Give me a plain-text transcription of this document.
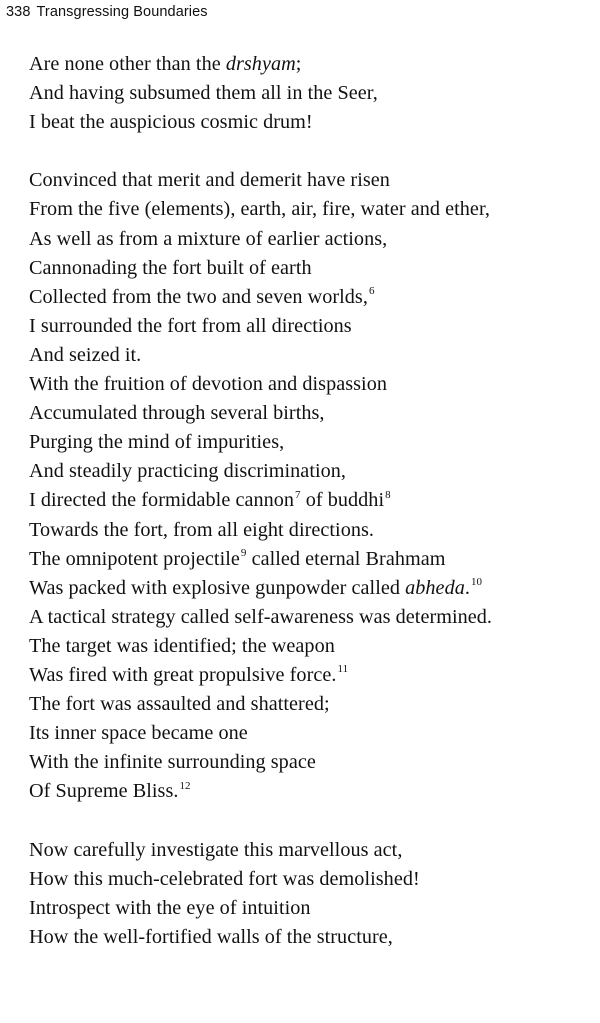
338 Transgressing Boundaries
Are none other than the drshyam;
And having subsumed them all in the Seer,
I beat the auspicious cosmic drum!
Convinced that merit and demerit have risen
From the five (elements), earth, air, fire, water and ether,
As well as from a mixture of earlier actions,
Cannonading the fort built of earth
Collected from the two and seven worlds,$^6$
I surrounded the fort from all directions
And seized it.
With the fruition of devotion and dispassion
Accumulated through several births,
Purging the mind of impurities,
And steadily practicing discrimination,
I directed the formidable cannon$^7$ of buddhi$^8$
Towards the fort, from all eight directions.
The omnipotent projectile$^9$ called eternal Brahmam
Was packed with explosive gunpowder called abheda.$^{10}$
A tactical strategy called self-awareness was determined.
The target was identified; the weapon
Was fired with great propulsive force.$^{11}$
The fort was assaulted and shattered;
Its inner space became one
With the infinite surrounding space
Of Supreme Bliss.$^{12}$
Now carefully investigate this marvellous act,
How this much-celebrated fort was demolished!
Introspect with the eye of intuition
How the well-fortified walls of the structure,
